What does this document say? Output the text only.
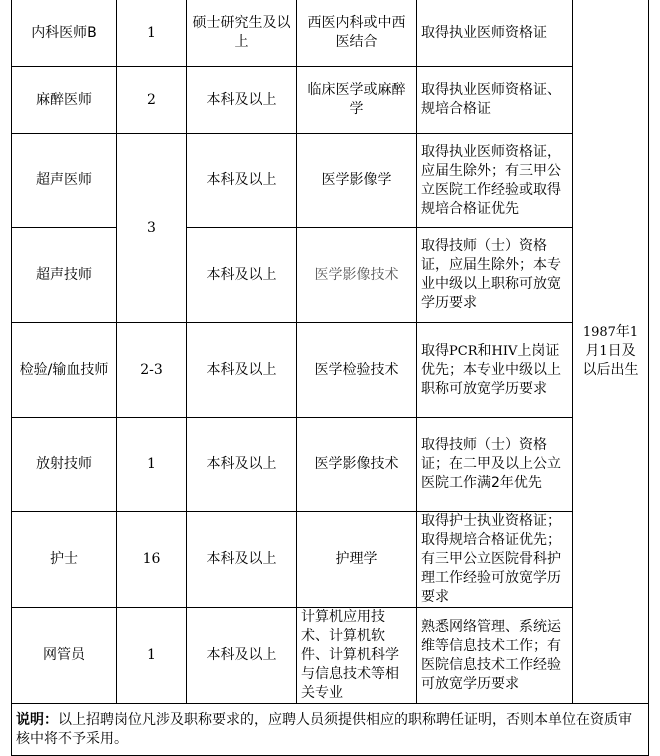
内科医师B	1	硕士研究生及以上	西医内科或中西医结合	取得执业医师资格证	1987年1月1日及以后出生
麻醉医师	2	本科及以上	临床医学或麻醉学	取得执业医师资格证、规培合格证	
超声医师	3	本科及以上	医学影像学	取得执业医师资格证，应届生除外；有三甲公立医院工作经验或取得规培合格证优先	
超声技师		本科及以上	医学影像技术	取得技师（士）资格证，应届生除外；本专业中级以上职称可放宽学历要求	
检验/输血技师	2-3	本科及以上	医学检验技术	取得PCR和HIV上岗证优先；本专业中级以上职称可放宽学历要求	
放射技师	1	本科及以上	医学影像技术	取得技师（士）资格证；在二甲及以上公立医院工作满2年优先	
护士	16	本科及以上	护理学	取得护士执业资格证；取得规培合格证优先；有三甲公立医院骨科护理工作经验可放宽学历要求	
网管员	1	本科及以上	计算机应用技术、计算机软件、计算机科学与信息技术等相关专业	熟悉网络管理、系统运维等信息技术工作；有医院信息技术工作经验可放宽学历要求	
说明：以上招聘岗位凡涉及职称要求的，应聘人员须提供相应的职称聘任证明，否则本单位在资质审核中将不予采用。					
